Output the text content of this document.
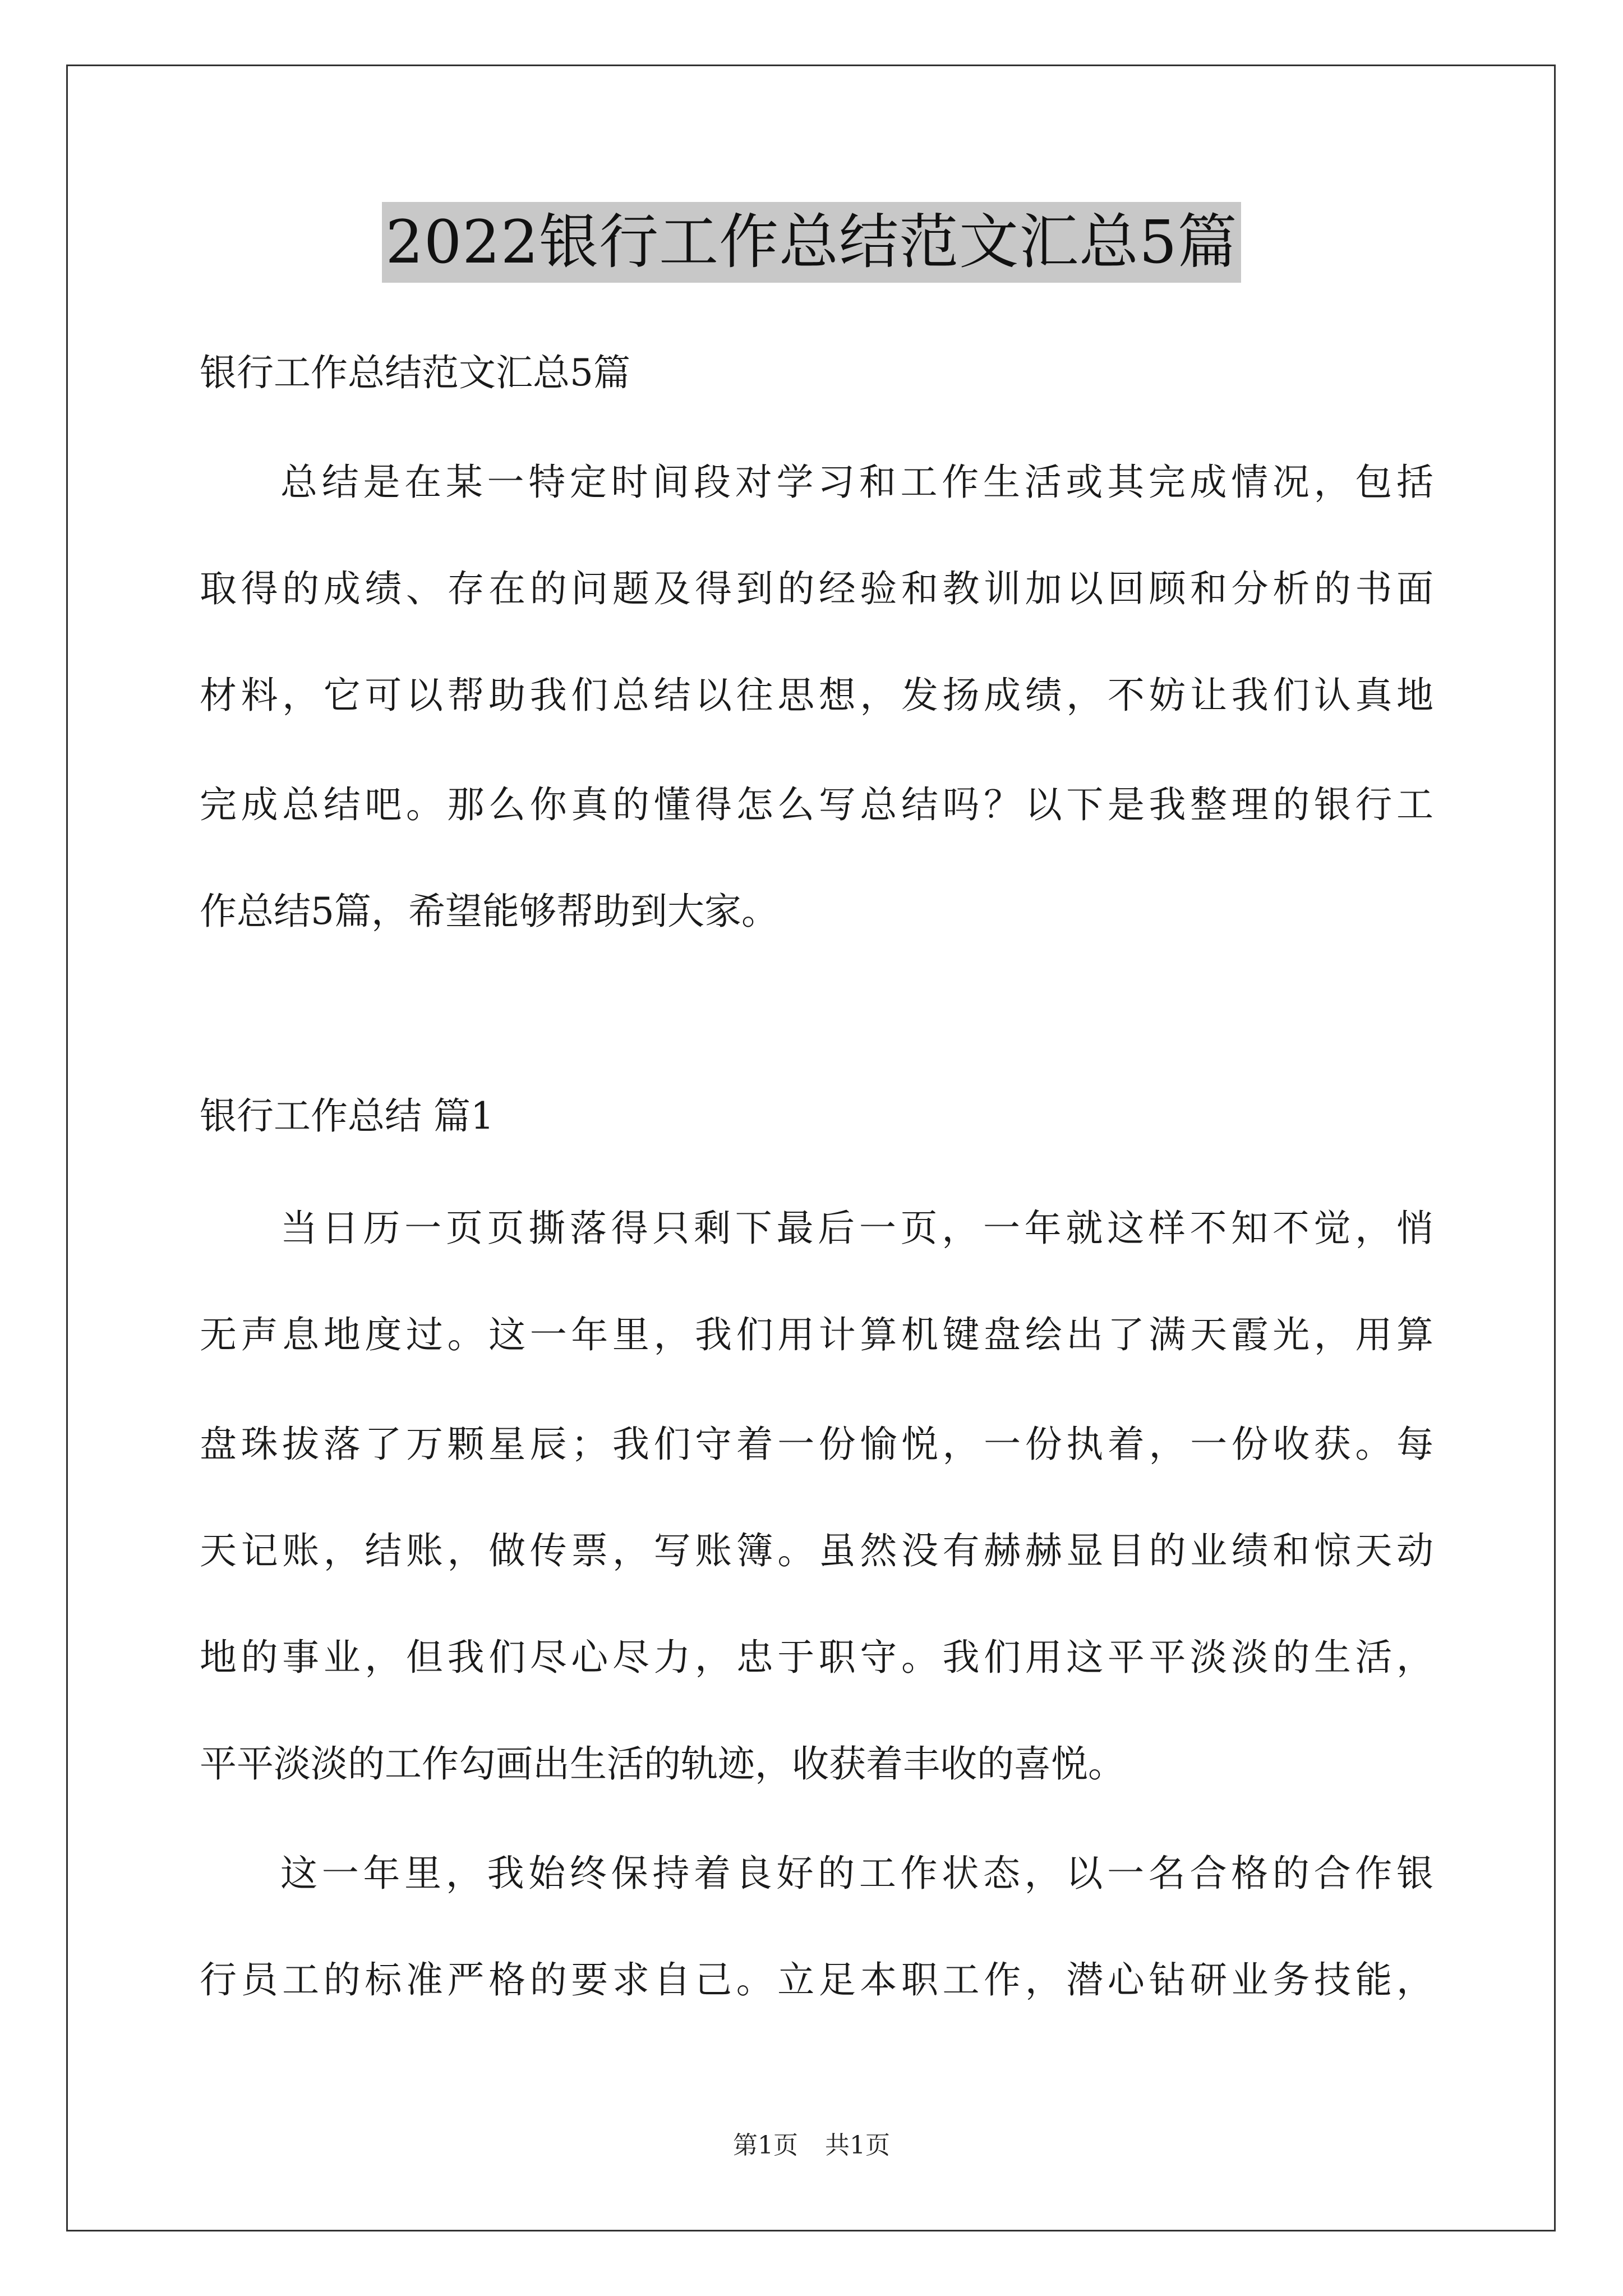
2022银行工作总结范文汇总5篇
银行工作总结范文汇总5篇
总结是在某一特定时间段对学习和工作生活或其完成情况，包括
取得的成绩、存在的问题及得到的经验和教训加以回顾和分析的书面
材料，它可以帮助我们总结以往思想，发扬成绩，不妨让我们认真地
完成总结吧。那么你真的懂得怎么写总结吗？以下是我整理的银行工
作总结5篇，希望能够帮助到大家。
银行工作总结 篇1
当日历一页页撕落得只剩下最后一页，一年就这样不知不觉，悄
无声息地度过。这一年里，我们用计算机键盘绘出了满天霞光，用算
盘珠拔落了万颗星辰；我们守着一份愉悦，一份执着，一份收获。每
天记账，结账，做传票，写账簿。虽然没有赫赫显目的业绩和惊天动
地的事业，但我们尽心尽力，忠于职守。我们用这平平淡淡的生活，
平平淡淡的工作勾画出生活的轨迹，收获着丰收的喜悦。
这一年里，我始终保持着良好的工作状态，以一名合格的合作银
行员工的标准严格的要求自己。立足本职工作，潜心钻研业务技能，
第1页 共1页
